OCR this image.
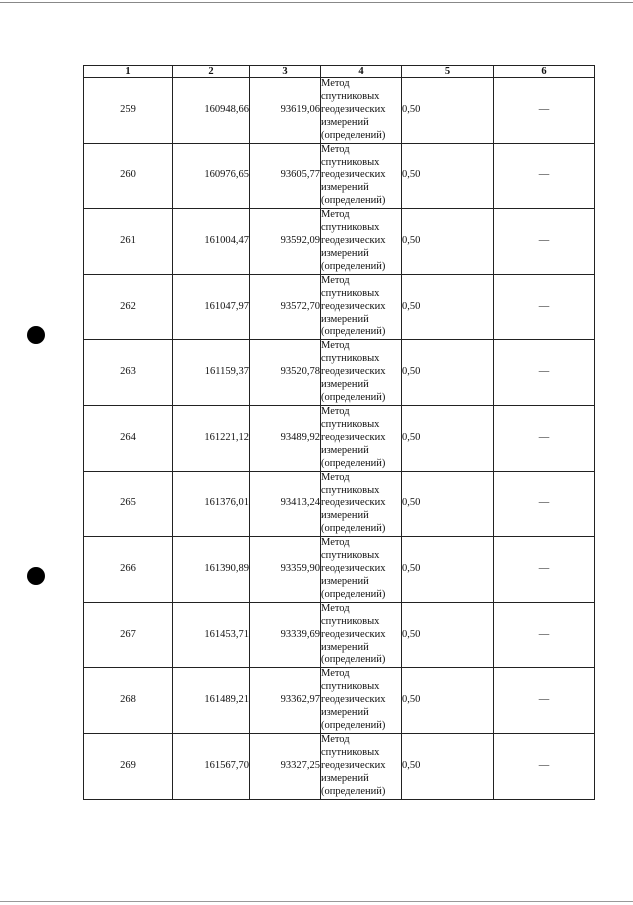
1	2	3	4	5	6
259	160948,66	93619,06	Метод спутниковых геодезических измерений (определений)	0,50	—
260	160976,65	93605,77	Метод спутниковых геодезических измерений (определений)	0,50	—
261	161004,47	93592,09	Метод спутниковых геодезических измерений (определений)	0,50	—
262	161047,97	93572,70	Метод спутниковых геодезических измерений (определений)	0,50	—
263	161159,37	93520,78	Метод спутниковых геодезических измерений (определений)	0,50	—
264	161221,12	93489,92	Метод спутниковых геодезических измерений (определений)	0,50	—
265	161376,01	93413,24	Метод спутниковых геодезических измерений (определений)	0,50	—
266	161390,89	93359,90	Метод спутниковых геодезических измерений (определений)	0,50	—
267	161453,71	93339,69	Метод спутниковых геодезических измерений (определений)	0,50	—
268	161489,21	93362,97	Метод спутниковых геодезических измерений (определений)	0,50	—
269	161567,70	93327,25	Метод спутниковых геодезических измерений (определений)	0,50	—
